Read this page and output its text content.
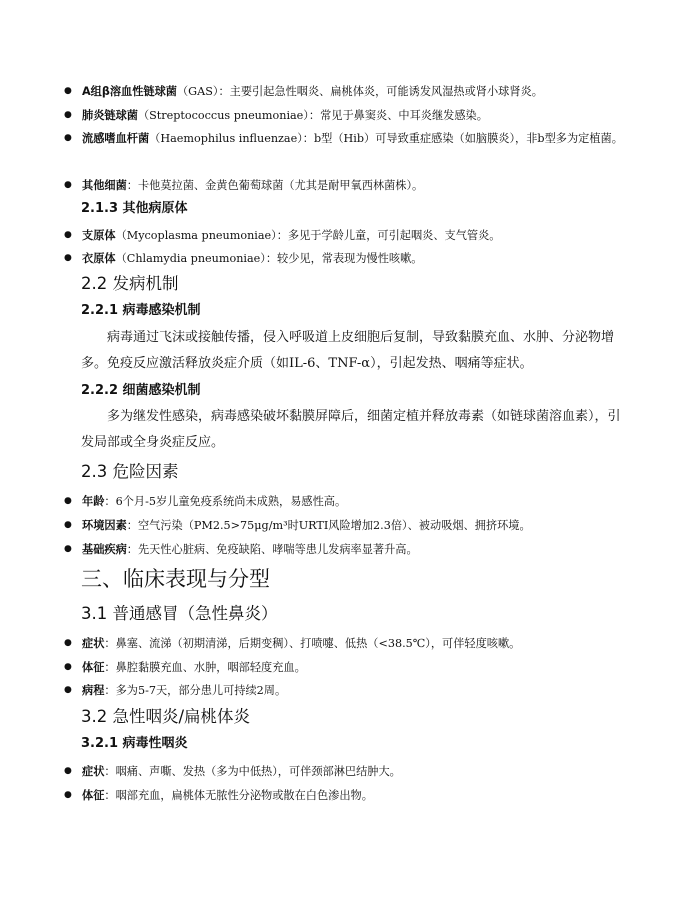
● A组β溶血性链球菌（GAS）：主要引起急性咽炎、扁桃体炎，可能诱发风湿热或肾小球肾炎。
● 肺炎链球菌（Streptococcus pneumoniae）：常见于鼻窦炎、中耳炎继发感染。
● 流感嗜血杆菌（Haemophilus influenzae）：b型（Hib）可导致重症感染（如脑膜炎），非b型多为定植菌。
● 其他细菌：卡他莫拉菌、金黄色葡萄球菌（尤其是耐甲氧西林菌株）。
2.1.3 其他病原体
● 支原体（Mycoplasma pneumoniae）：多见于学龄儿童，可引起咽炎、支气管炎。
● 衣原体（Chlamydia pneumoniae）：较少见，常表现为慢性咳嗽。
2.2 发病机制
2.2.1 病毒感染机制
病毒通过飞沫或接触传播，侵入呼吸道上皮细胞后复制，导致黏膜充血、水肿、分泌物增多。免疫反应激活释放炎症介质（如IL-6、TNF-α），引起发热、咽痛等症状。
2.2.2 细菌感染机制
多为继发性感染，病毒感染破坏黏膜屏障后，细菌定植并释放毒素（如链球菌溶血素），引发局部或全身炎症反应。
2.3 危险因素
● 年龄：6个月-5岁儿童免疫系统尚未成熟，易感性高。
● 环境因素：空气污染（PM2.5>75μg/m³时URTI风险增加2.3倍）、被动吸烟、拥挤环境。
● 基础疾病：先天性心脏病、免疫缺陷、哮喘等患儿发病率显著升高。
三、临床表现与分型
3.1 普通感冒（急性鼻炎）
● 症状：鼻塞、流涕（初期清涕，后期变稠）、打喷嚏、低热（<38.5℃），可伴轻度咳嗽。
● 体征：鼻腔黏膜充血、水肿，咽部轻度充血。
● 病程：多为5-7天，部分患儿可持续2周。
3.2 急性咽炎/扁桃体炎
3.2.1 病毒性咽炎
● 症状：咽痛、声嘶、发热（多为中低热），可伴颈部淋巴结肿大。
● 体征：咽部充血，扁桃体无脓性分泌物或散在白色渗出物。
